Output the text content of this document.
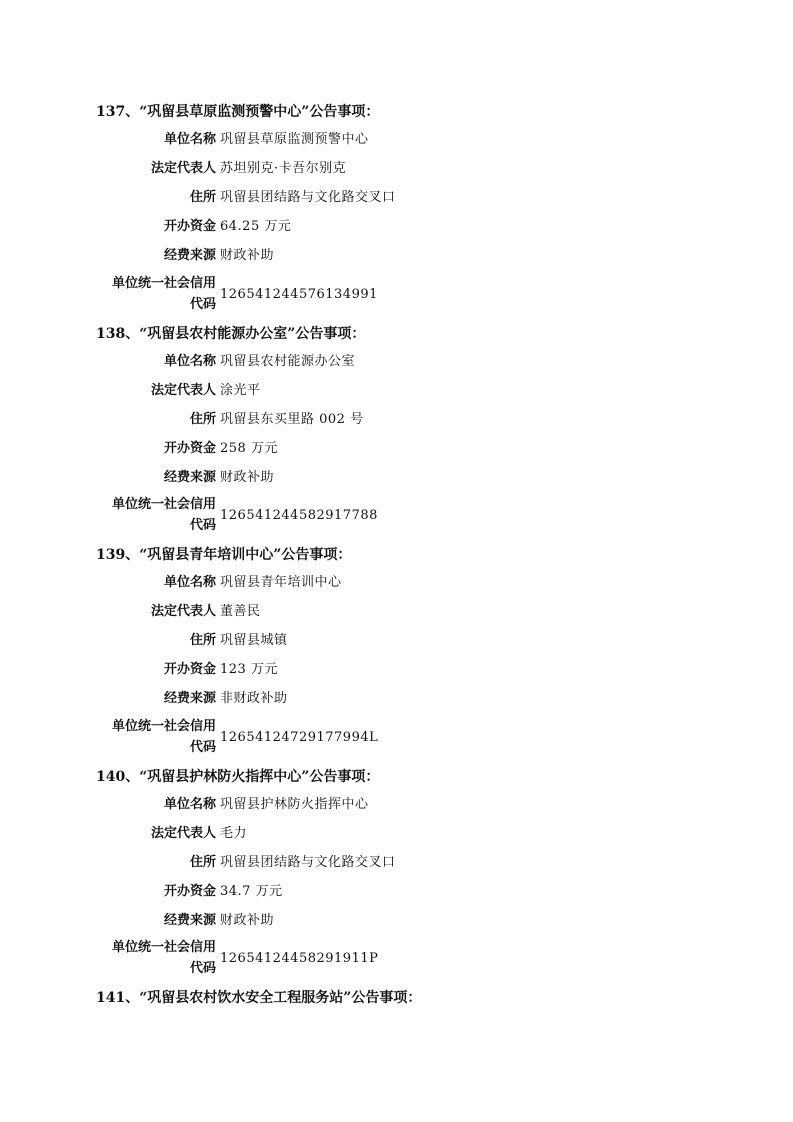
137、“巩留县草原监测预警中心”公告事项：
单位名称 巩留县草原监测预警中心
法定代表人 苏坦别克·卡吾尔别克
住所 巩留县团结路与文化路交叉口
开办资金 64.25 万元
经费来源 财政补助
单位统一社会信用
代码
126541244576134991
138、“巩留县农村能源办公室”公告事项：
单位名称 巩留县农村能源办公室
法定代表人 涂光平
住所 巩留县东买里路 002 号
开办资金 258 万元
经费来源 财政补助
单位统一社会信用
代码
126541244582917788
139、“巩留县青年培训中心”公告事项：
单位名称 巩留县青年培训中心
法定代表人 董善民
住所 巩留县城镇
开办资金 123 万元
经费来源 非财政补助
单位统一社会信用
代码
12654124729177994L
140、“巩留县护林防火指挥中心”公告事项：
单位名称 巩留县护林防火指挥中心
法定代表人 毛力
住所 巩留县团结路与文化路交叉口
开办资金 34.7 万元
经费来源 财政补助
单位统一社会信用
代码
12654124458291911P
141、“巩留县农村饮水安全工程服务站”公告事项：
